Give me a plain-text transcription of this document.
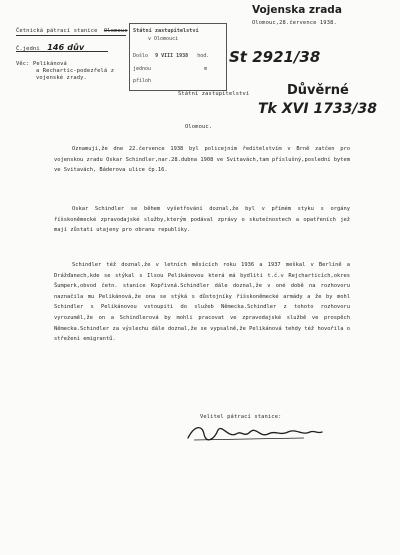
Četnická pátrací stanice Olomouc
Č.jedni 146 dův
Věc: Pelikánová
a Rechartic-podezřelá z
vojenské zrady.
Státní zastupitelství
v Olomouci
Došlo 9 VIII 1938 hod.
jednou	m
příloh
Vojenska zrada
Olomouc,28.července 1938.
St 2921/38
Státní zastupitelství	Důvěrné
Tk XVI 1733/38
Olomouc.

Oznamuji,že dne 22.července 1938 byl policejním ředitelstvím v Brně zatčen pro vojenskou zradu Oskar Schindler,nar.28.dubna 1908 ve Svitavách,tam příslušný,poslední bytem ve Svitavách, Báderova ulice čp.16.

Oskar Schindler se během vyšetřování doznal,že byl v přímém styku s orgány říšskoněmecké zpravodajské služby,kterým podával zprávy o skutečnostech a opatřeních jež mají zůstati utajeny pro obranu republiky.

Schindler též doznal,že v letních měsících roku 1936 a 1937 meškal v Berlíně a Drážďanech,kde se stýkal s Ilsou Pelikánovou která má bydliti t.č.v Rejcharticích,okres Šumperk,obvod četn. stanice Kopřivná.Schindler dále doznal,že v oné době na rozhovoru naznačila mu Pelikánová,že ona se stýká s důstojníky říšskoněmecké armády a že by mohl Schindler s Pelikánovou vstoupiti do služeb Německa.Schindler z tohoto rozhovoru vyrozuměl,že on a Schindlerová by mohli pracovat ve zpravodajské službě ve prospěch Německa.Schindler za výslechu dále doznal,že se vypsalně,že Pelikánová tehdy též hovořila o střežení emigrantů.

Velitel pátrací stanice:
